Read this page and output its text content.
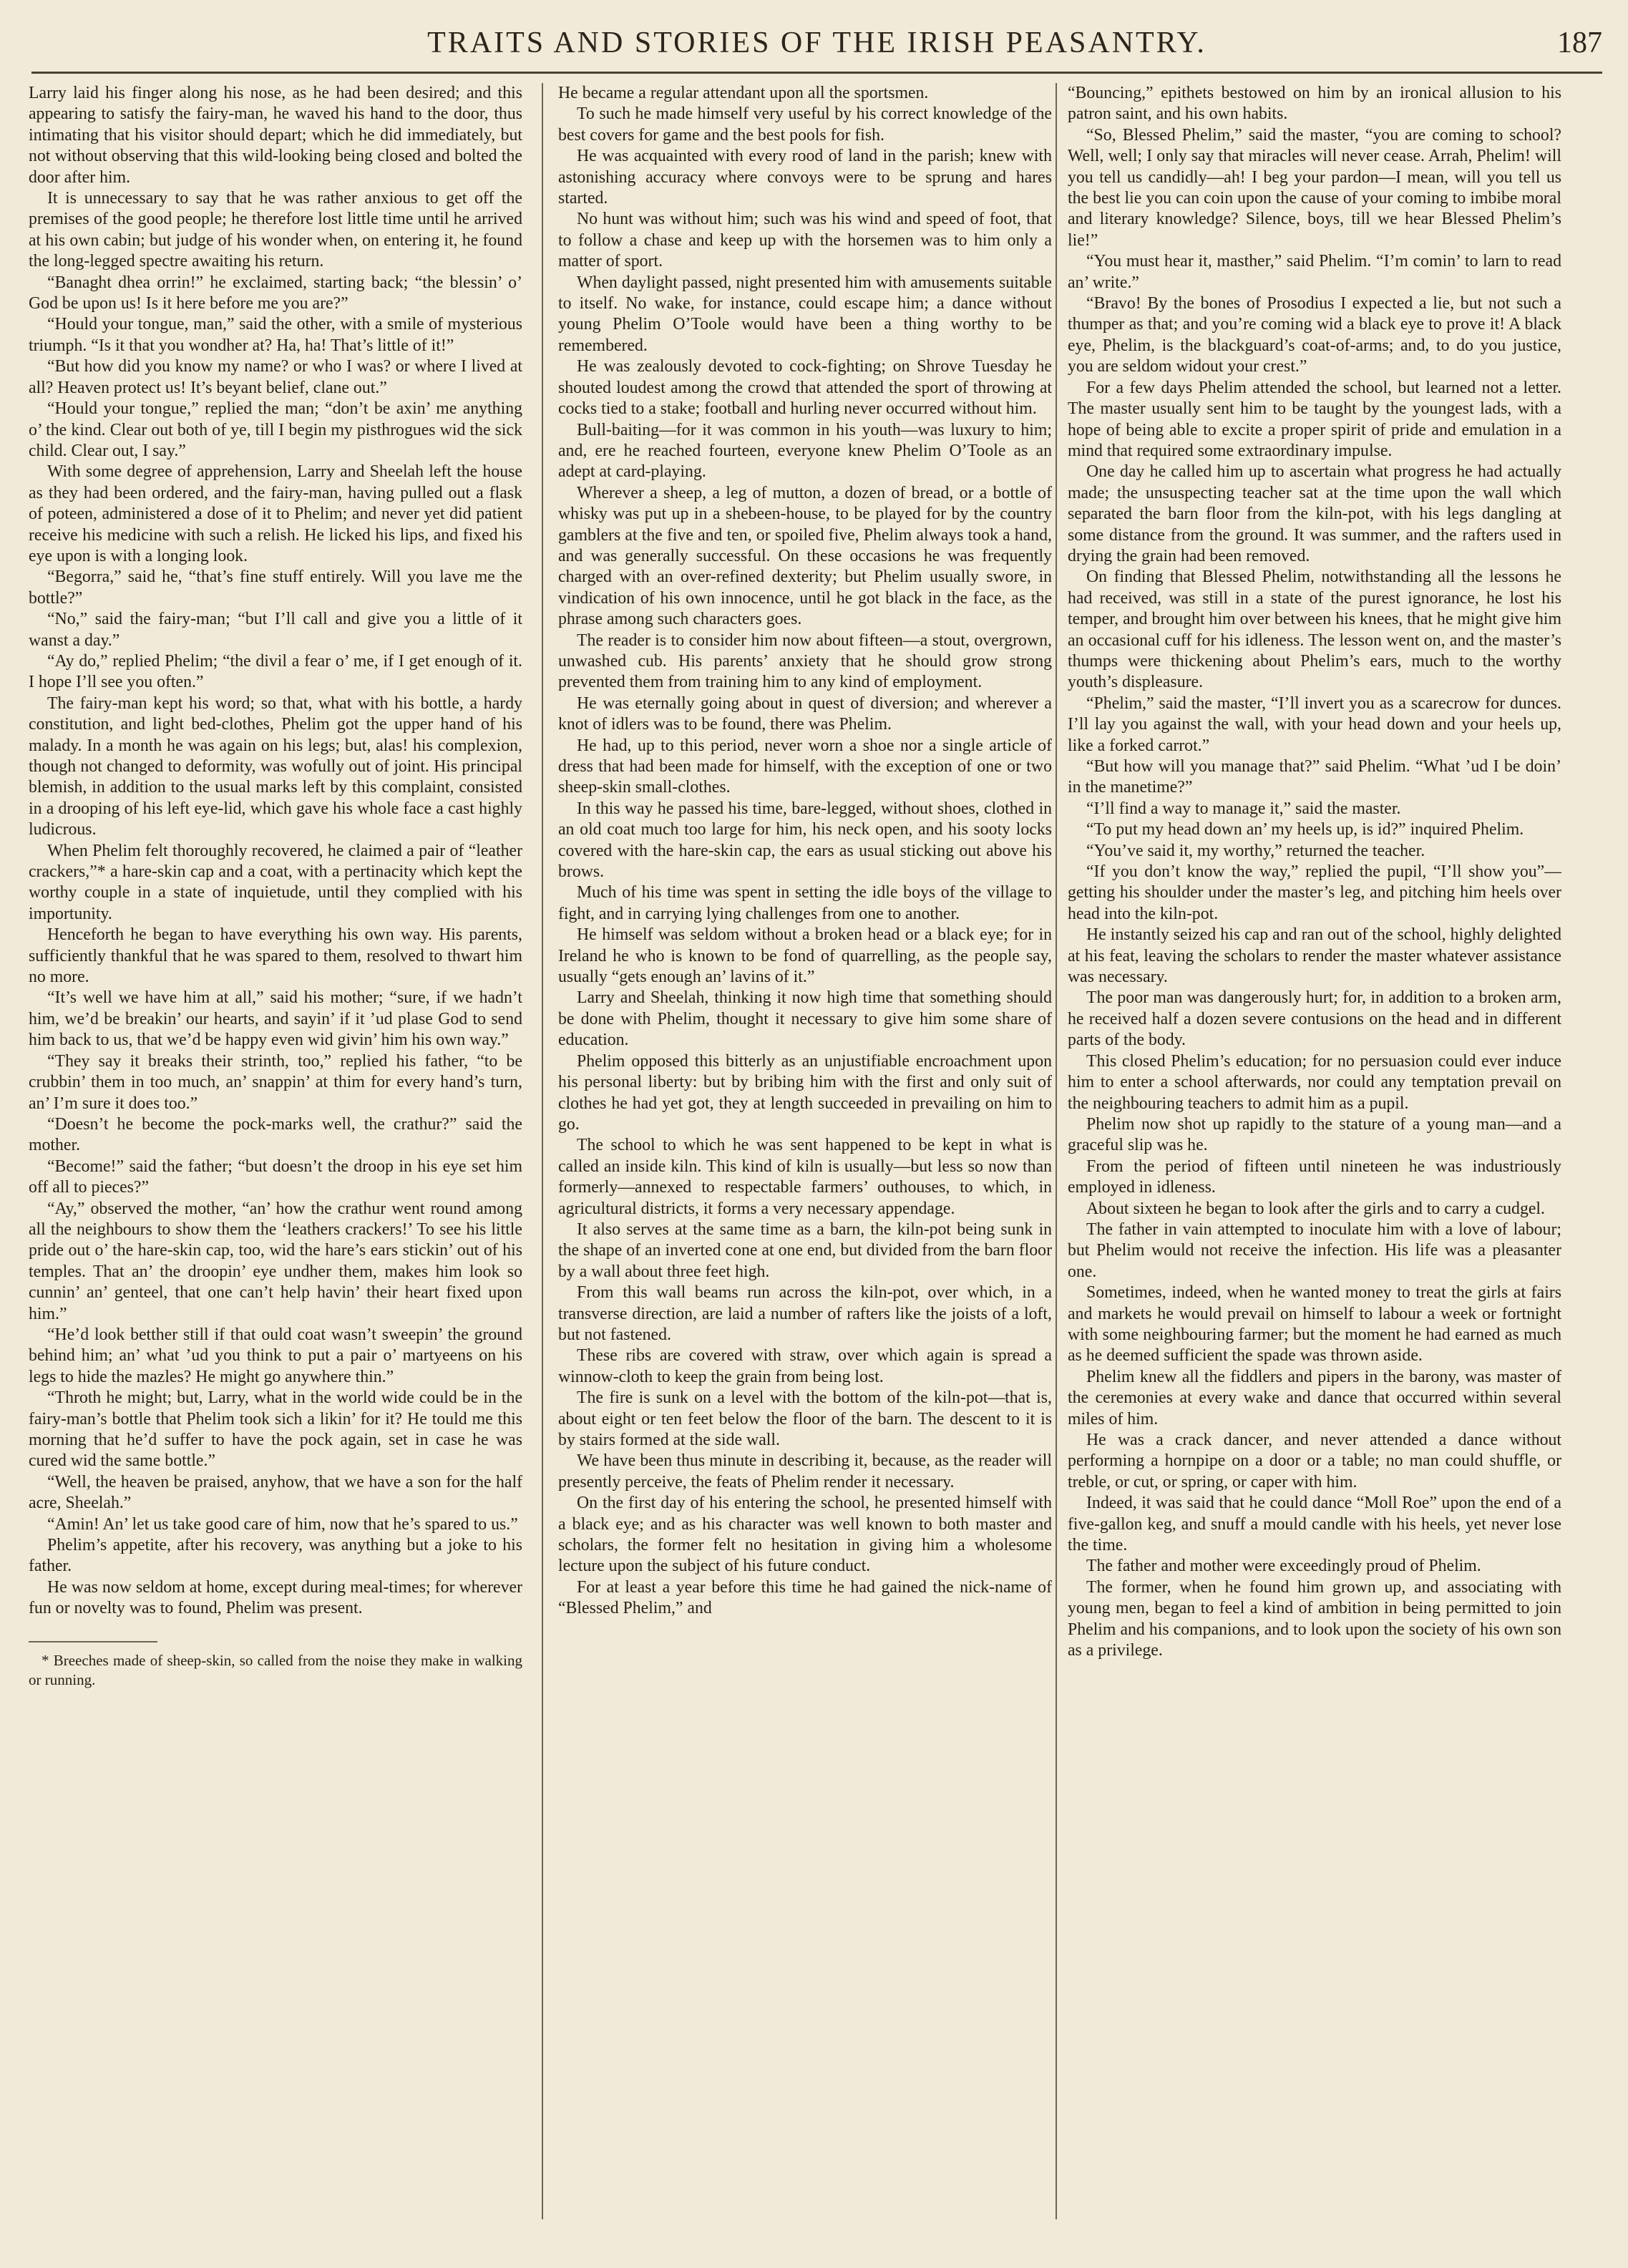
TRAITS AND STORIES OF THE IRISH PEASANTRY.	187

Larry laid his finger along his nose, as he had been desired; and this appearing to satisfy the fairy-man, he waved his hand to the door, thus intimating that his visitor should depart; which he did immediately, but not without observing that this wild-looking being closed and bolted the door after him.

It is unnecessary to say that he was rather anxious to get off the premises of the good people; he therefore lost little time until he arrived at his own cabin; but judge of his wonder when, on entering it, he found the long-legged spectre awaiting his return.

“Banaght dhea orrin!” he exclaimed, starting back; “the blessin’ o’ God be upon us! Is it here before me you are?”

“Hould your tongue, man,” said the other, with a smile of mysterious triumph. “Is it that you wondher at? Ha, ha! That’s little of it!”

“But how did you know my name? or who I was? or where I lived at all? Heaven protect us! It’s beyant belief, clane out.”

“Hould your tongue,” replied the man; “don’t be axin’ me anything o’ the kind. Clear out both of ye, till I begin my pisthrogues wid the sick child. Clear out, I say.”

With some degree of apprehension, Larry and Sheelah left the house as they had been ordered, and the fairy-man, having pulled out a flask of poteen, administered a dose of it to Phelim; and never yet did patient receive his medicine with such a relish. He licked his lips, and fixed his eye upon is with a longing look.

“Begorra,” said he, “that’s fine stuff entirely. Will you lave me the bottle?”

“No,” said the fairy-man; “but I’ll call and give you a little of it wanst a day.”

“Ay do,” replied Phelim; “the divil a fear o’ me, if I get enough of it. I hope I’ll see you often.”

The fairy-man kept his word; so that, what with his bottle, a hardy constitution, and light bed-clothes, Phelim got the upper hand of his malady. In a month he was again on his legs; but, alas! his complexion, though not changed to deformity, was wofully out of joint. His principal blemish, in addition to the usual marks left by this complaint, consisted in a drooping of his left eye-lid, which gave his whole face a cast highly ludicrous.

When Phelim felt thoroughly recovered, he claimed a pair of “leather crackers,”* a hare-skin cap and a coat, with a pertinacity which kept the worthy couple in a state of inquietude, until they complied with his importunity.

Henceforth he began to have everything his own way. His parents, sufficiently thankful that he was spared to them, resolved to thwart him no more.

“It’s well we have him at all,” said his mother; “sure, if we hadn’t him, we’d be breakin’ our hearts, and sayin’ if it ’ud plase God to send him back to us, that we’d be happy even wid givin’ him his own way.”

“They say it breaks their strinth, too,” replied his father, “to be crubbin’ them in too much, an’ snappin’ at thim for every hand’s turn, an’ I’m sure it does too.”

“Doesn’t he become the pock-marks well, the crathur?” said the mother.

“Become!” said the father; “but doesn’t the droop in his eye set him off all to pieces?”

“Ay,” observed the mother, “an’ how the crathur went round among all the neighbours to show them the ‘leathers crackers!’ To see his little pride out o’ the hare-skin cap, too, wid the hare’s ears stickin’ out of his temples. That an’ the droopin’ eye undher them, makes him look so cunnin’ an’ genteel, that one can’t help havin’ their heart fixed upon him.”

“He’d look betther still if that ould coat wasn’t sweepin’ the ground behind him; an’ what ’ud you think to put a pair o’ martyeens on his legs to hide the mazles? He might go anywhere thin.”

“Throth he might; but, Larry, what in the world wide could be in the fairy-man’s bottle that Phelim took sich a likin’ for it? He tould me this morning that he’d suffer to have the pock again, set in case he was cured wid the same bottle.”

“Well, the heaven be praised, anyhow, that we have a son for the half acre, Sheelah.”

“Amin! An’ let us take good care of him, now that he’s spared to us.”

Phelim’s appetite, after his recovery, was anything but a joke to his father.

He was now seldom at home, except during meal-times; for wherever fun or novelty was to found, Phelim was present.

* Breeches made of sheep-skin, so called from the noise they make in walking or running.

He became a regular attendant upon all the sportsmen.

To such he made himself very useful by his correct knowledge of the best covers for game and the best pools for fish.

He was acquainted with every rood of land in the parish; knew with astonishing accuracy where convoys were to be sprung and hares started.

No hunt was without him; such was his wind and speed of foot, that to follow a chase and keep up with the horsemen was to him only a matter of sport.

When daylight passed, night presented him with amusements suitable to itself. No wake, for instance, could escape him; a dance without young Phelim O’Toole would have been a thing worthy to be remembered.

He was zealously devoted to cock-fighting; on Shrove Tuesday he shouted loudest among the crowd that attended the sport of throwing at cocks tied to a stake; football and hurling never occurred without him.

Bull-baiting—for it was common in his youth—was luxury to him; and, ere he reached fourteen, everyone knew Phelim O’Toole as an adept at card-playing.

Wherever a sheep, a leg of mutton, a dozen of bread, or a bottle of whisky was put up in a shebeen-house, to be played for by the country gamblers at the five and ten, or spoiled five, Phelim always took a hand, and was generally successful. On these occasions he was frequently charged with an over-refined dexterity; but Phelim usually swore, in vindication of his own innocence, until he got black in the face, as the phrase among such characters goes.

The reader is to consider him now about fifteen—a stout, overgrown, unwashed cub. His parents’ anxiety that he should grow strong prevented them from training him to any kind of employment.

He was eternally going about in quest of diversion; and wherever a knot of idlers was to be found, there was Phelim.

He had, up to this period, never worn a shoe nor a single article of dress that had been made for himself, with the exception of one or two sheep-skin small-clothes.

In this way he passed his time, bare-legged, without shoes, clothed in an old coat much too large for him, his neck open, and his sooty locks covered with the hare-skin cap, the ears as usual sticking out above his brows.

Much of his time was spent in setting the idle boys of the village to fight, and in carrying lying challenges from one to another.

He himself was seldom without a broken head or a black eye; for in Ireland he who is known to be fond of quarrelling, as the people say, usually “gets enough an’ lavins of it.”

Larry and Sheelah, thinking it now high time that something should be done with Phelim, thought it necessary to give him some share of education.

Phelim opposed this bitterly as an unjustifiable encroachment upon his personal liberty: but by bribing him with the first and only suit of clothes he had yet got, they at length succeeded in prevailing on him to go.

The school to which he was sent happened to be kept in what is called an inside kiln. This kind of kiln is usually—but less so now than formerly—annexed to respectable farmers’ outhouses, to which, in agricultural districts, it forms a very necessary appendage.

It also serves at the same time as a barn, the kiln-pot being sunk in the shape of an inverted cone at one end, but divided from the barn floor by a wall about three feet high.

From this wall beams run across the kiln-pot, over which, in a transverse direction, are laid a number of rafters like the joists of a loft, but not fastened.

These ribs are covered with straw, over which again is spread a winnow-cloth to keep the grain from being lost.

The fire is sunk on a level with the bottom of the kiln-pot—that is, about eight or ten feet below the floor of the barn. The descent to it is by stairs formed at the side wall.

We have been thus minute in describing it, because, as the reader will presently perceive, the feats of Phelim render it necessary.

On the first day of his entering the school, he presented himself with a black eye; and as his character was well known to both master and scholars, the former felt no hesitation in giving him a wholesome lecture upon the subject of his future conduct.

For at least a year before this time he had gained the nick-name of “Blessed Phelim,” and

“Bouncing,” epithets bestowed on him by an ironical allusion to his patron saint, and his own habits.

“So, Blessed Phelim,” said the master, “you are coming to school? Well, well; I only say that miracles will never cease. Arrah, Phelim! will you tell us candidly—ah! I beg your pardon—I mean, will you tell us the best lie you can coin upon the cause of your coming to imbibe moral and literary knowledge? Silence, boys, till we hear Blessed Phelim’s lie!”

“You must hear it, masther,” said Phelim. “I’m comin’ to larn to read an’ write.”

“Bravo! By the bones of Prosodius I expected a lie, but not such a thumper as that; and you’re coming wid a black eye to prove it! A black eye, Phelim, is the blackguard’s coat-of-arms; and, to do you justice, you are seldom widout your crest.”

For a few days Phelim attended the school, but learned not a letter. The master usually sent him to be taught by the youngest lads, with a hope of being able to excite a proper spirit of pride and emulation in a mind that required some extraordinary impulse.

One day he called him up to ascertain what progress he had actually made; the unsuspecting teacher sat at the time upon the wall which separated the barn floor from the kiln-pot, with his legs dangling at some distance from the ground. It was summer, and the rafters used in drying the grain had been removed.

On finding that Blessed Phelim, notwithstanding all the lessons he had received, was still in a state of the purest ignorance, he lost his temper, and brought him over between his knees, that he might give him an occasional cuff for his idleness. The lesson went on, and the master’s thumps were thickening about Phelim’s ears, much to the worthy youth’s displeasure.

“Phelim,” said the master, “I’ll invert you as a scarecrow for dunces. I’ll lay you against the wall, with your head down and your heels up, like a forked carrot.”

“But how will you manage that?” said Phelim. “What ’ud I be doin’ in the manetime?”

“I’ll find a way to manage it,” said the master.

“To put my head down an’ my heels up, is id?” inquired Phelim.

“You’ve said it, my worthy,” returned the teacher.

“If you don’t know the way,” replied the pupil, “I’ll show you”—getting his shoulder under the master’s leg, and pitching him heels over head into the kiln-pot.

He instantly seized his cap and ran out of the school, highly delighted at his feat, leaving the scholars to render the master whatever assistance was necessary.

The poor man was dangerously hurt; for, in addition to a broken arm, he received half a dozen severe contusions on the head and in different parts of the body.

This closed Phelim’s education; for no persuasion could ever induce him to enter a school afterwards, nor could any temptation prevail on the neighbouring teachers to admit him as a pupil.

Phelim now shot up rapidly to the stature of a young man—and a graceful slip was he.

From the period of fifteen until nineteen he was industriously employed in idleness.

About sixteen he began to look after the girls and to carry a cudgel.

The father in vain attempted to inoculate him with a love of labour; but Phelim would not receive the infection. His life was a pleasanter one.

Sometimes, indeed, when he wanted money to treat the girls at fairs and markets he would prevail on himself to labour a week or fortnight with some neighbouring farmer; but the moment he had earned as much as he deemed sufficient the spade was thrown aside.

Phelim knew all the fiddlers and pipers in the barony, was master of the ceremonies at every wake and dance that occurred within several miles of him.

He was a crack dancer, and never attended a dance without performing a hornpipe on a door or a table; no man could shuffle, or treble, or cut, or spring, or caper with him.

Indeed, it was said that he could dance “Moll Roe” upon the end of a five-gallon keg, and snuff a mould candle with his heels, yet never lose the time.

The father and mother were exceedingly proud of Phelim.

The former, when he found him grown up, and associating with young men, began to feel a kind of ambition in being permitted to join Phelim and his companions, and to look upon the society of his own son as a privilege.
